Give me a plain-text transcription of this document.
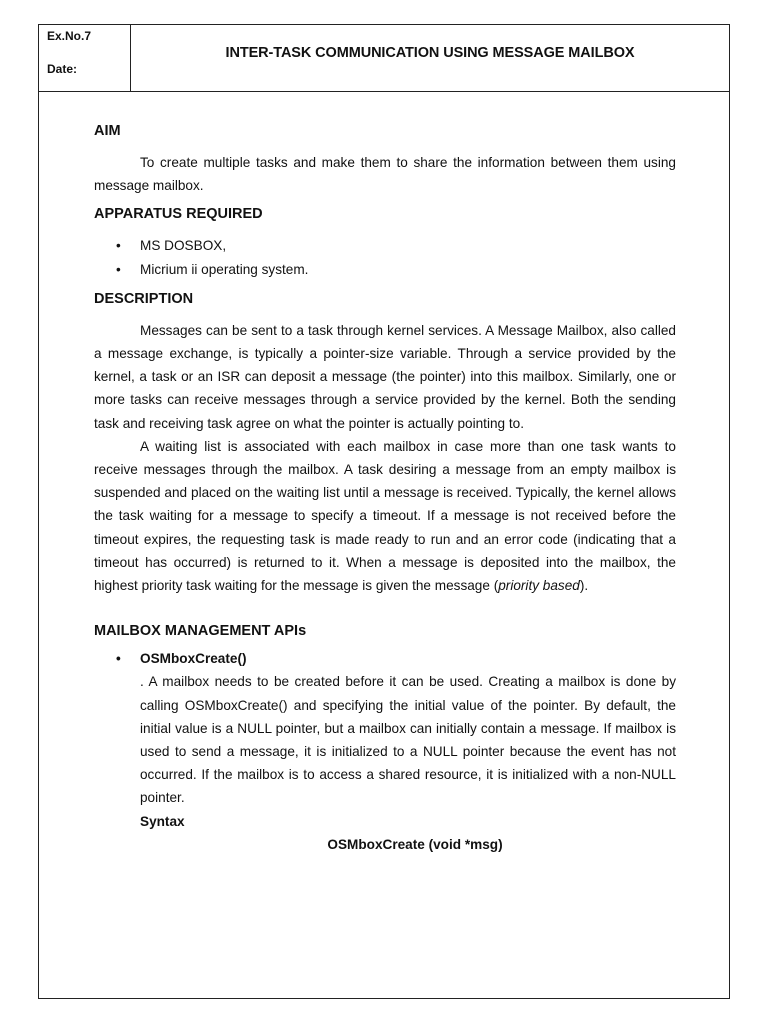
Ex.No.7
Date:
INTER-TASK COMMUNICATION USING MESSAGE MAILBOX
AIM

To create multiple tasks and make them to share the information between them using message mailbox.

APPARATUS REQUIRED
• MS DOSBOX,
• Micrium ii operating system.
DESCRIPTION

Messages can be sent to a task through kernel services. A Message Mailbox, also called a message exchange, is typically a pointer-size variable. Through a service provided by the kernel, a task or an ISR can deposit a message (the pointer) into this mailbox. Similarly, one or more tasks can receive messages through a service provided by the kernel. Both the sending task and receiving task agree on what the pointer is actually pointing to.

A waiting list is associated with each mailbox in case more than one task wants to receive messages through the mailbox. A task desiring a message from an empty mailbox is suspended and placed on the waiting list until a message is received. Typically, the kernel allows the task waiting for a message to specify a timeout. If a message is not received before the timeout expires, the requesting task is made ready to run and an error code (indicating that a timeout has occurred) is returned to it. When a message is deposited into the mailbox, the highest priority task waiting for the message is given the message (priority based).

MAILBOX MANAGEMENT APIs
• OSMboxCreate()

. A mailbox needs to be created before it can be used. Creating a mailbox is done by calling OSMboxCreate() and specifying the initial value of the pointer. By default, the initial value is a NULL pointer, but a mailbox can initially contain a message. If mailbox is used to send a message, it is initialized to a NULL pointer because the event has not occurred. If the mailbox is to access a shared resource, it is initialized with a non-NULL pointer.

Syntax
OSMboxCreate (void *msg)
